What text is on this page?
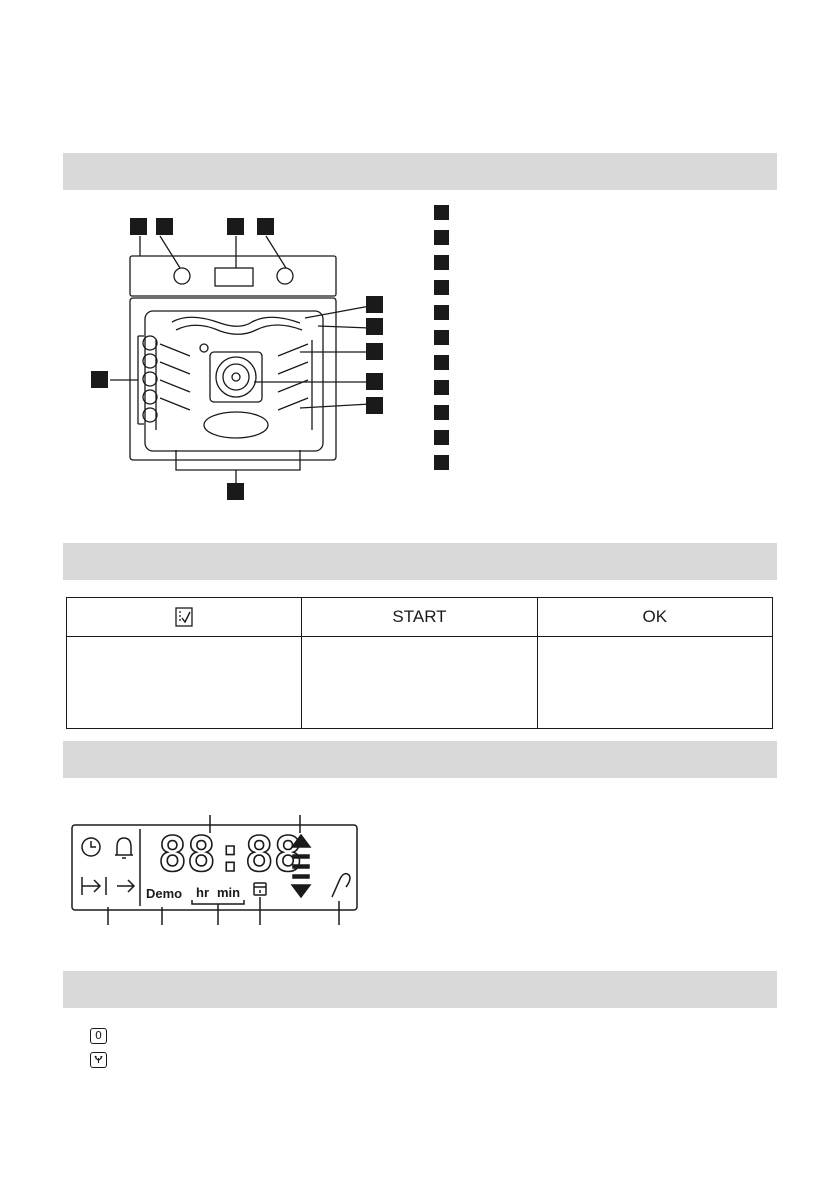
	START	OK

88:88
Demo hr min
0
